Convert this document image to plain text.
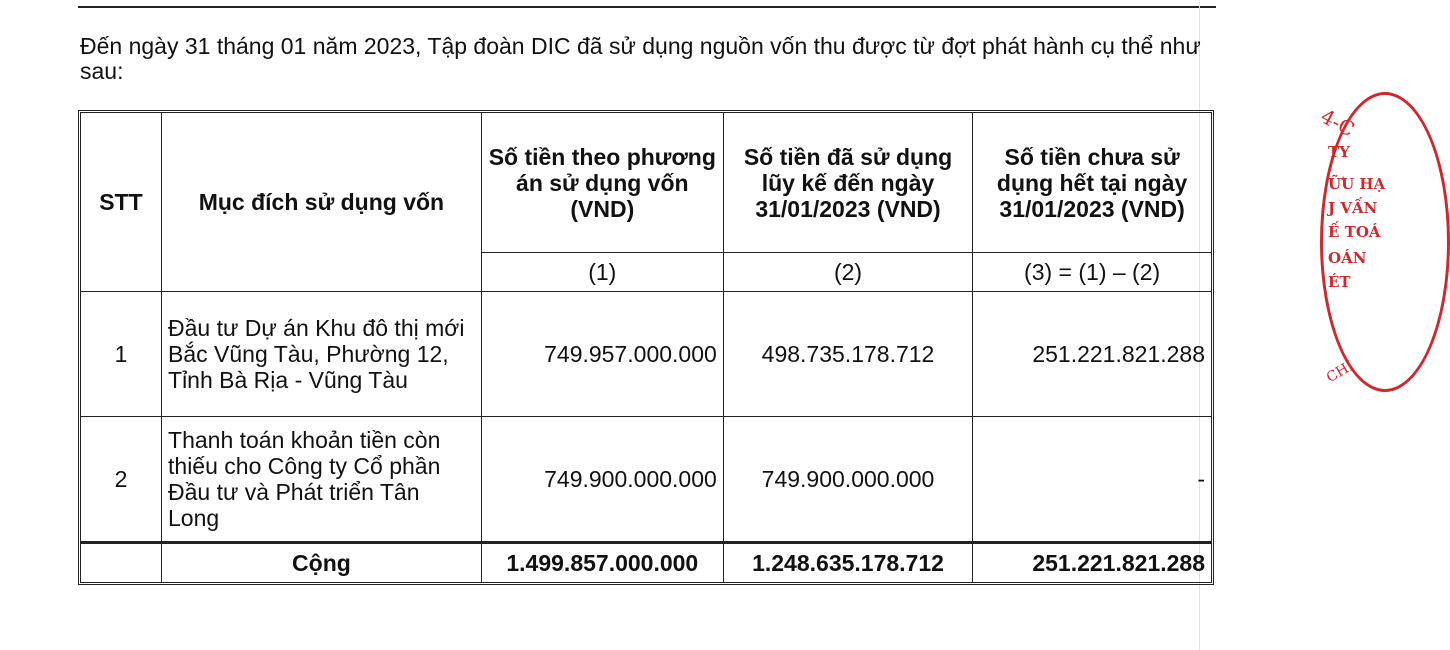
Đến ngày 31 tháng 01 năm 2023, Tập đoàn DIC đã sử dụng nguồn vốn thu được từ đợt phát hành cụ thể như sau:

STT	Mục đích sử dụng vốn	Số tiền theo phương án sử dụng vốn (VND)	Số tiền đã sử dụng lũy kế đến ngày 31/01/2023 (VND)	Số tiền chưa sử dụng hết tại ngày 31/01/2023 (VND)
		(1)	(2)	(3) = (1) – (2)
1	Đầu tư Dự án Khu đô thị mới Bắc Vũng Tàu, Phường 12, Tỉnh Bà Rịa - Vũng Tàu	749.957.000.000	498.735.178.712	251.221.821.288
2	Thanh toán khoản tiền còn thiếu cho Công ty Cổ phần Đầu tư và Phát triển Tân Long	749.900.000.000	749.900.000.000	-
	Cộng	1.499.857.000.000	1.248.635.178.712	251.221.821.288
4-C
TY
ỮU HẠ
J VẤN
Ế TOÁ
OÁN
ÉT
CHÍ
